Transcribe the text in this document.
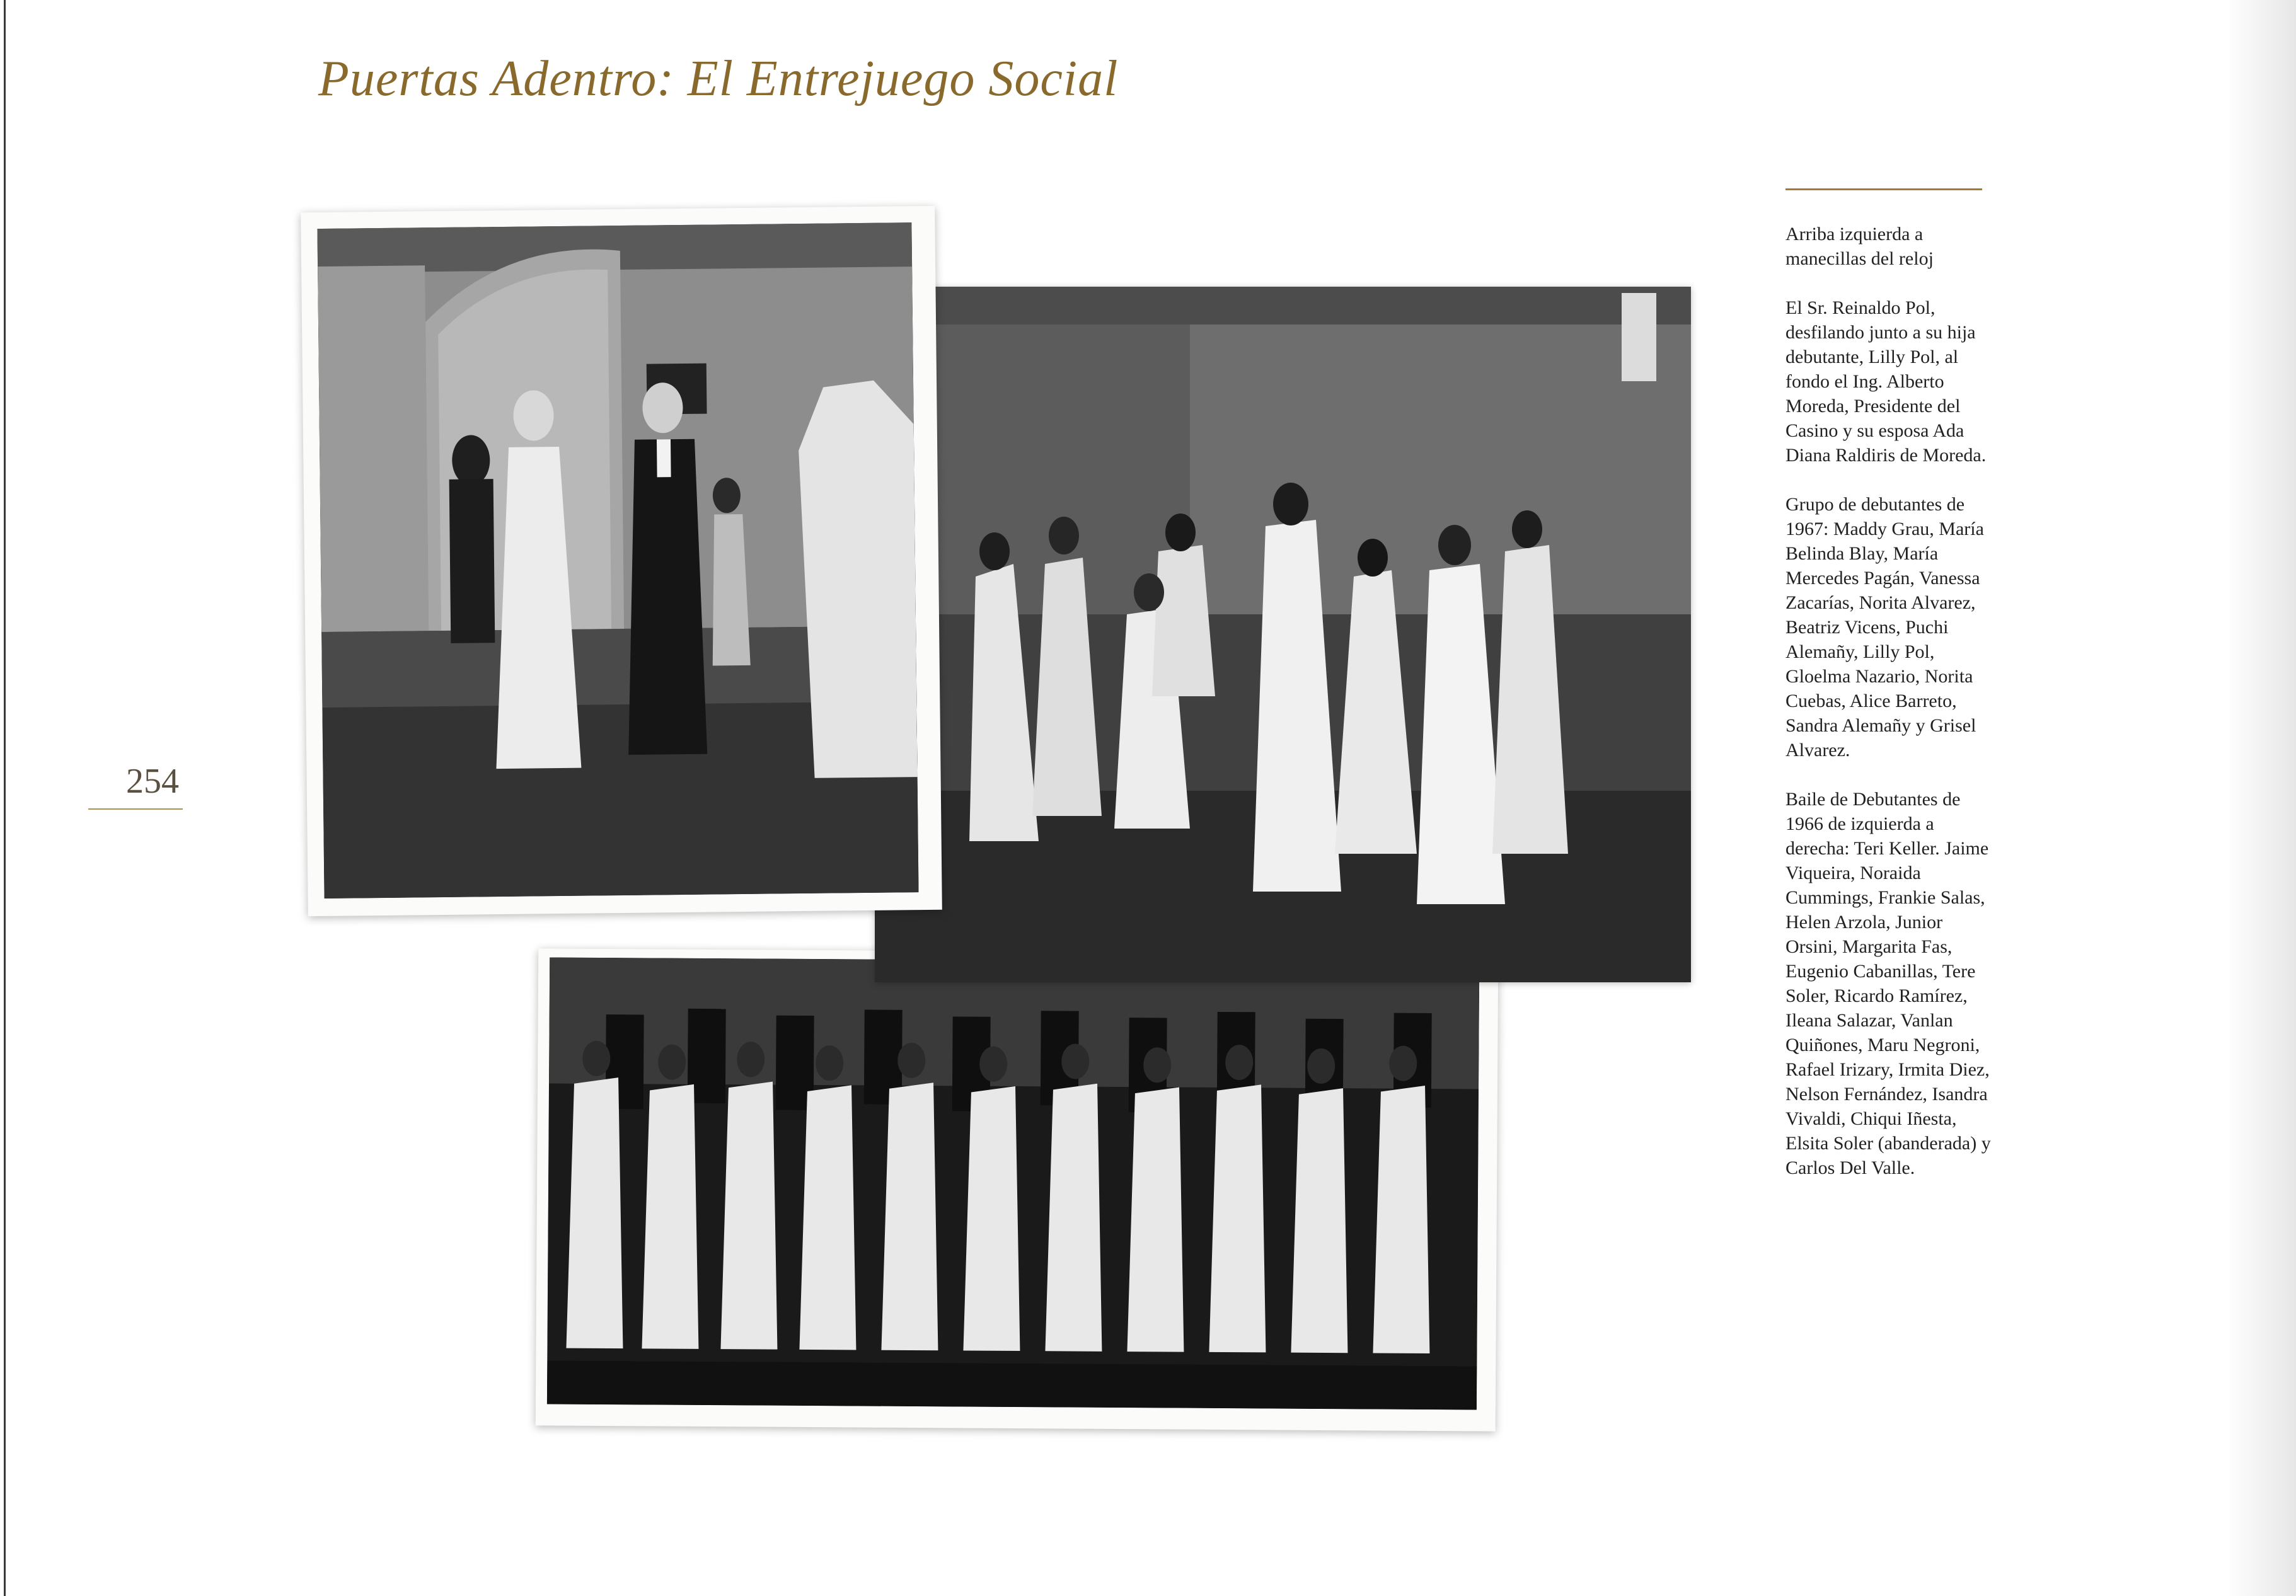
Puertas Adentro: El Entrejuego Social
254

Arriba izquierda a manecillas del reloj

El Sr. Reinaldo Pol, desfilando junto a su hija debutante, Lilly Pol, al fondo el Ing. Alberto Moreda, Presidente del Casino y su esposa Ada Diana Raldiris de Moreda.

Grupo de debutantes de 1967: Maddy Grau, María Belinda Blay, María Mercedes Pagán, Vanessa Zacarías, Norita Alvarez, Beatriz Vicens, Puchi Alemañy, Lilly Pol, Gloelma Nazario, Norita Cuebas, Alice Barreto, Sandra Alemañy y Grisel Alvarez.

Baile de Debutantes de 1966 de izquierda a derecha: Teri Keller. Jaime Viqueira, Noraida Cummings, Frankie Salas, Helen Arzola, Junior Orsini, Margarita Fas, Eugenio Cabanillas, Tere Soler, Ricardo Ramírez, Ileana Salazar, Vanlan Quiñones, Maru Negroni, Rafael Irizary, Irmita Diez, Nelson Fernández, Isandra Vivaldi, Chiqui Iñesta, Elsita Soler (abanderada) y Carlos Del Valle.
